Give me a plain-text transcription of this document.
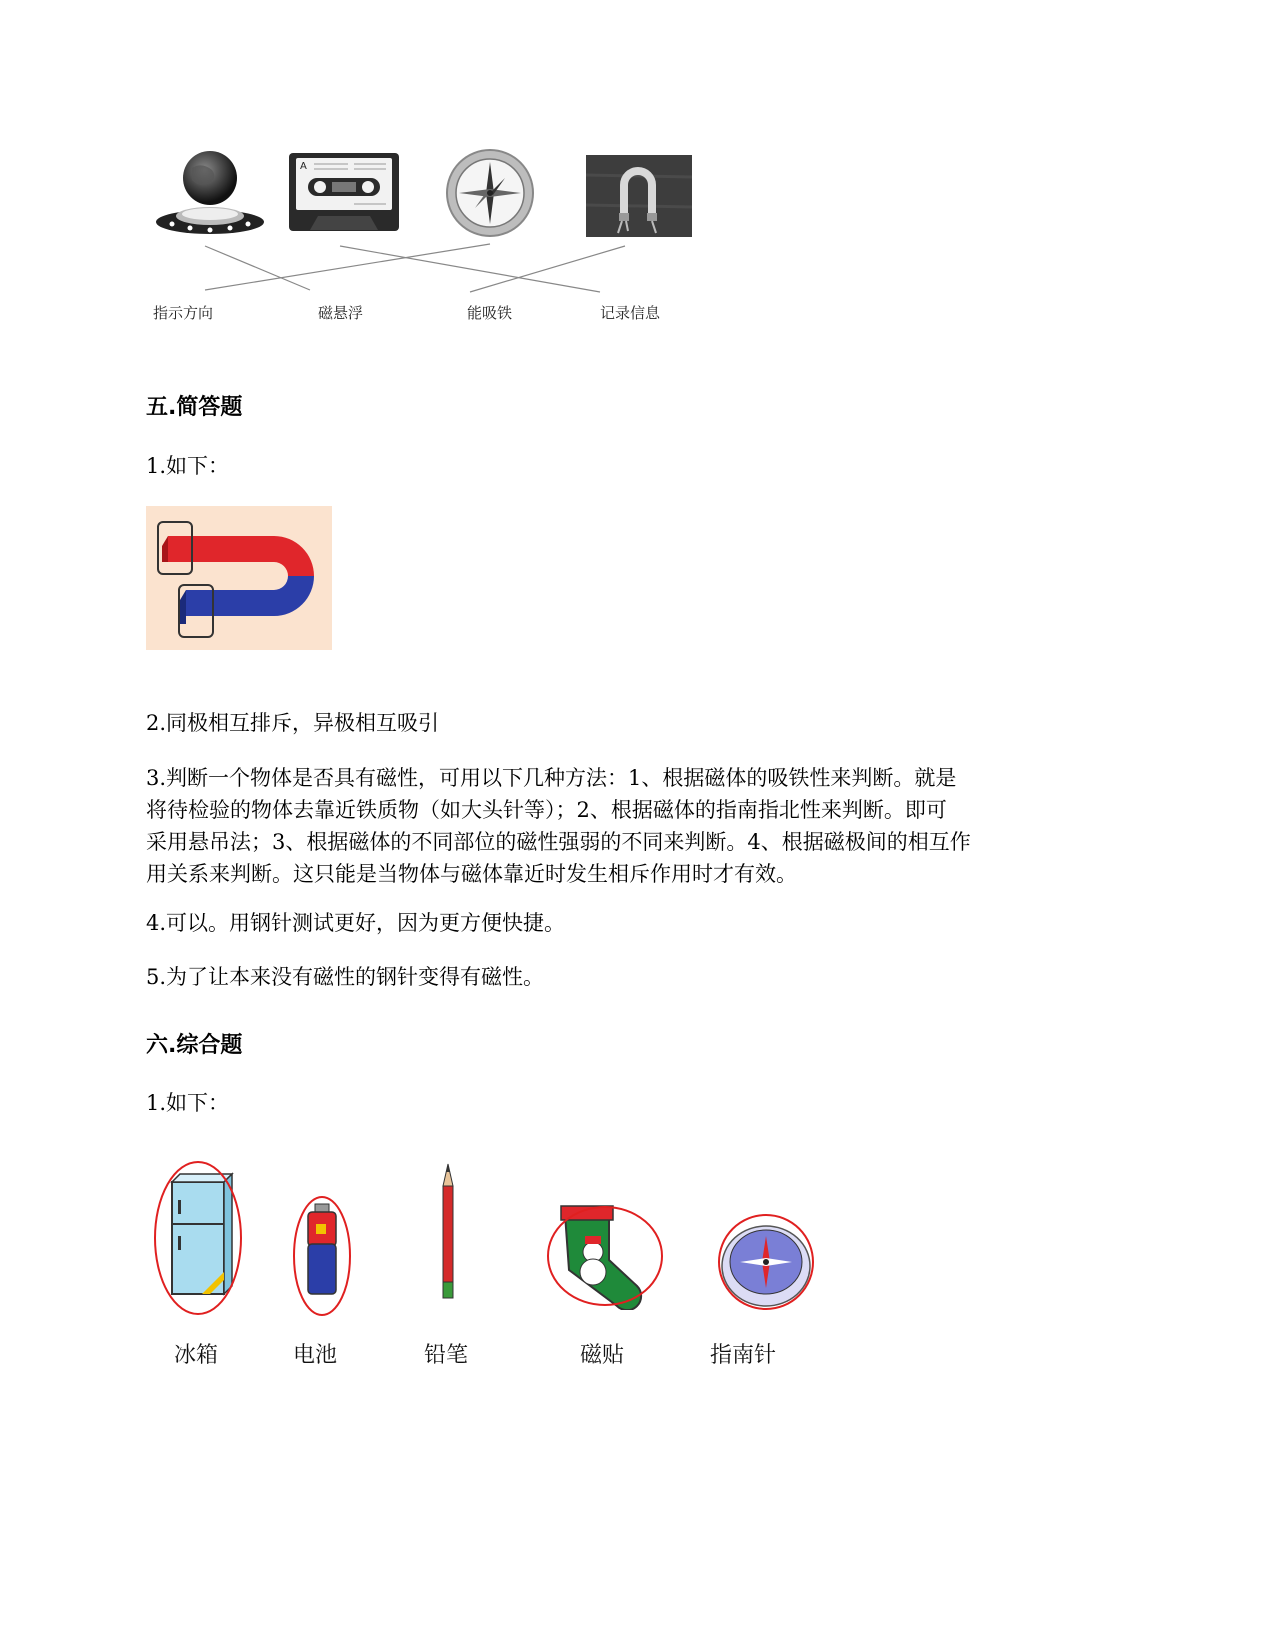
A
指示方向	磁悬浮	能吸铁	记录信息
五.简答题
1.如下：
2.同极相互排斥，异极相互吸引
3.判断一个物体是否具有磁性，可用以下几种方法：1、根据磁体的吸铁性来判断。就是
将待检验的物体去靠近铁质物（如大头针等）；2、根据磁体的指南指北性来判断。即可
采用悬吊法；3、根据磁体的不同部位的磁性强弱的不同来判断。4、根据磁极间的相互作
用关系来判断。这只能是当物体与磁体靠近时发生相斥作用时才有效。
4.可以。用钢针测试更好，因为更方便快捷。
5.为了让本来没有磁性的钢针变得有磁性。
六.综合题
1.如下：
冰箱	电池	铅笔	磁贴	指南针
